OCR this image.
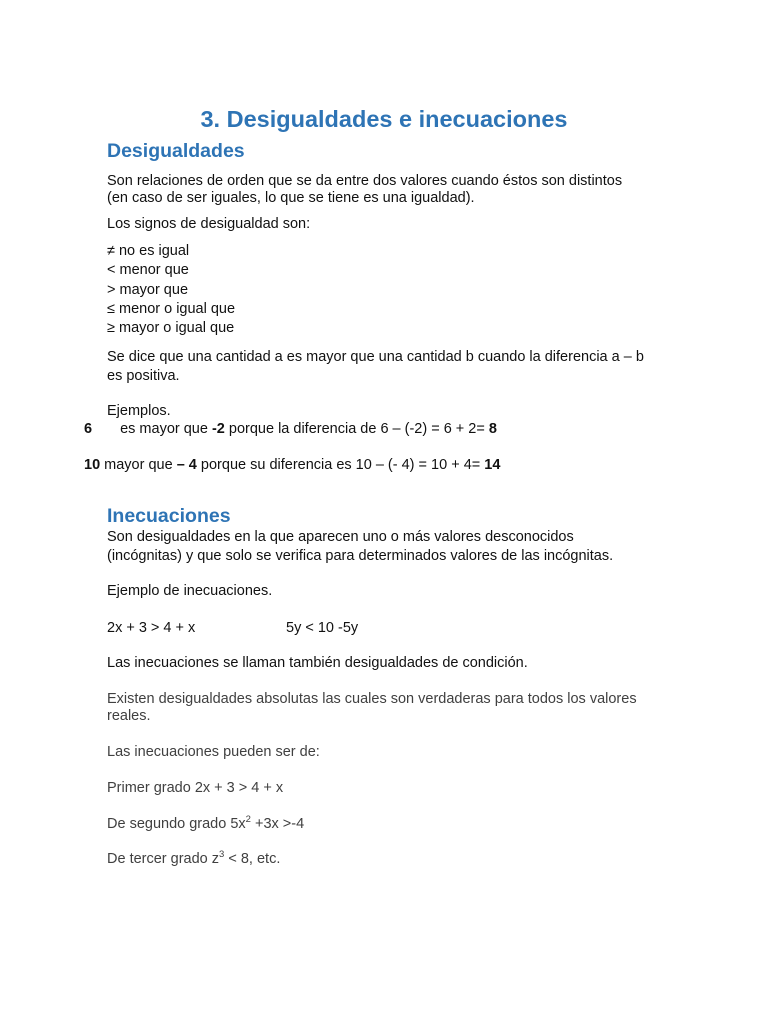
3. Desigualdades e inecuaciones
Desigualdades

Son relaciones de orden que se da entre dos valores cuando éstos son distintos

(en caso de ser iguales, lo que se tiene es una igualdad).

Los signos de desigualdad son:

≠ no es igual

< menor que

> mayor que

≤ menor o igual que

≥ mayor o igual que

Se dice que una cantidad a es mayor que una cantidad b cuando la diferencia a – b

es positiva.

Ejemplos.

6 es mayor que -2 porque la diferencia de 6 – (-2) = 6 + 2= 8

10 mayor que – 4 porque su diferencia es 10 – (- 4) = 10 + 4= 14

Inecuaciones

Son desigualdades en la que aparecen uno o más valores desconocidos

(incógnitas) y que solo se verifica para determinados valores de las incógnitas.

Ejemplo de inecuaciones.

2x + 3 > 4 + x	5y < 10 -5y

Las inecuaciones se llaman también desigualdades de condición.

Existen desigualdades absolutas las cuales son verdaderas para todos los valores

reales.

Las inecuaciones pueden ser de:

Primer grado 2x + 3 > 4 + x

De segundo grado $5x^2 +3x >-4$

De tercer grado $z^3 < 8$, etc.
